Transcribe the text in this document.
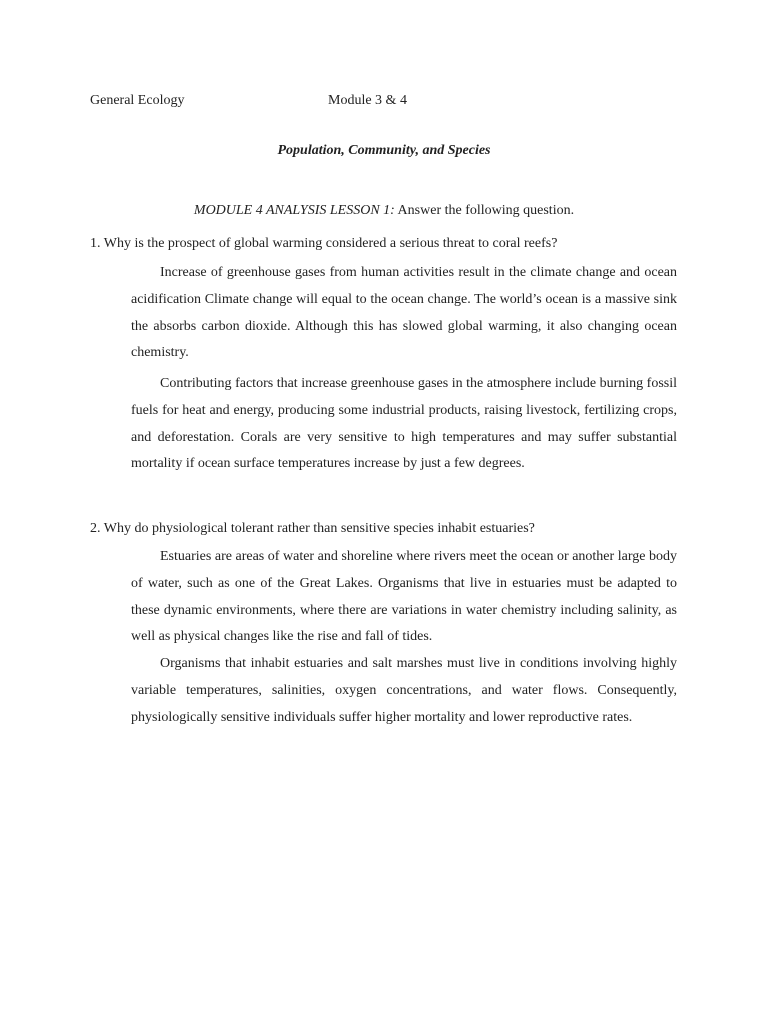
General Ecology	Module 3 & 4
Population, Community, and Species
MODULE 4 ANALYSIS LESSON 1: Answer the following question.
1. Why is the prospect of global warming considered a serious threat to coral reefs?

Increase of greenhouse gases from human activities result in the climate change and ocean acidification Climate change will equal to the ocean change. The world’s ocean is a massive sink the absorbs carbon dioxide. Although this has slowed global warming, it also changing ocean chemistry.

Contributing factors that increase greenhouse gases in the atmosphere include burning fossil fuels for heat and energy, producing some industrial products, raising livestock, fertilizing crops, and deforestation. Corals are very sensitive to high temperatures and may suffer substantial mortality if ocean surface temperatures increase by just a few degrees.

2. Why do physiological tolerant rather than sensitive species inhabit estuaries?

Estuaries are areas of water and shoreline where rivers meet the ocean or another large body of water, such as one of the Great Lakes. Organisms that live in estuaries must be adapted to these dynamic environments, where there are variations in water chemistry including salinity, as well as physical changes like the rise and fall of tides.

Organisms that inhabit estuaries and salt marshes must live in conditions involving highly variable temperatures, salinities, oxygen concentrations, and water flows. Consequently, physiologically sensitive individuals suffer higher mortality and lower reproductive rates.
